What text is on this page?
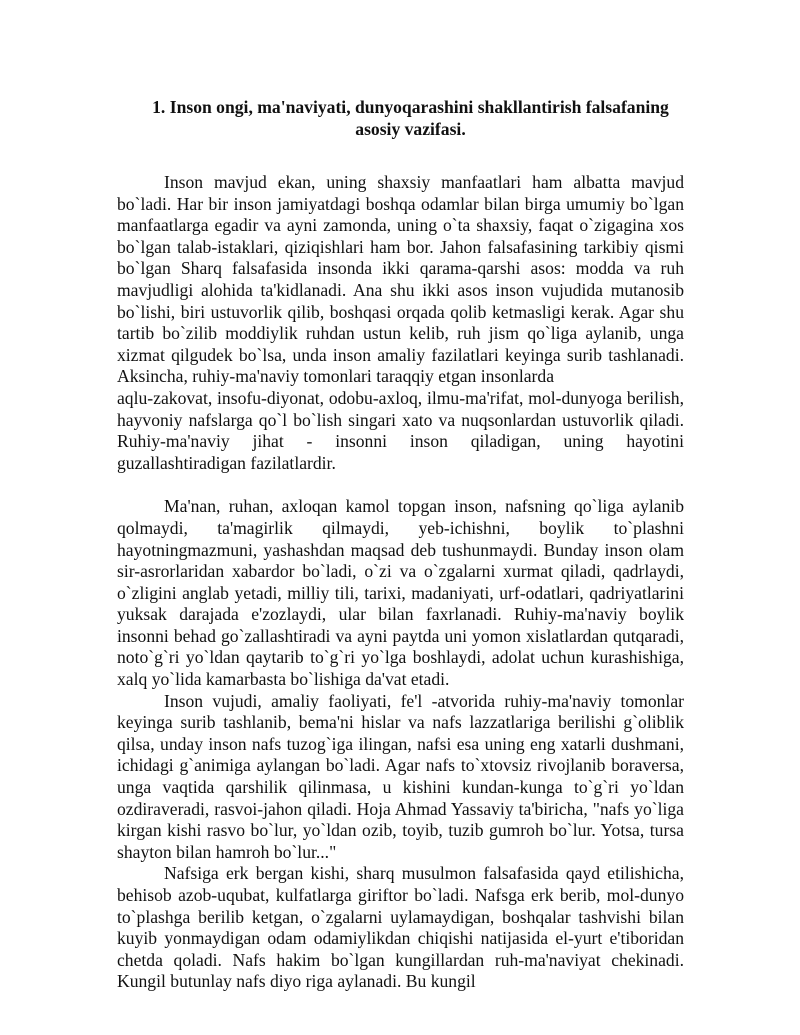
1. Inson ongi, ma'naviyati, dunyoqarashini shakllantirish falsafaning asosiy vazifasi.

Inson mavjud ekan, uning shaxsiy manfaatlari ham albatta mavjud bo`ladi. Har bir inson jamiyatdagi boshqa odamlar bilan birga umumiy bo`lgan manfaatlarga egadir va ayni zamonda, uning o`ta shaxsiy, faqat o`zigagina xos bo`lgan talab-istaklari, qiziqishlari ham bor. Jahon falsafasining tarkibiy qismi bo`lgan Sharq falsafasida insonda ikki qarama-qarshi asos: modda va ruh mavjudligi alohida ta'kidlanadi. Ana shu ikki asos inson vujudida mutanosib bo`lishi, biri ustuvorlik qilib, boshqasi orqada qolib ketmasligi kerak. Agar shu tartib bo`zilib moddiylik ruhdan ustun kelib, ruh jism qo`liga aylanib, unga xizmat qilgudek bo`lsa, unda inson amaliy fazilatlari keyinga surib tashlanadi. Aksincha, ruhiy-ma'naviy tomonlari taraqqiy etgan insonlarda

aqlu-zakovat, insofu-diyonat, odobu-axloq, ilmu-ma'rifat, mol-dunyoga berilish, hayvoniy nafslarga qo`l bo`lish singari xato va nuqsonlardan ustuvorlik qiladi. Ruhiy-ma'naviy jihat - insonni inson qiladigan, uning hayotini guzallashtiradigan fazilatlardir.

Ma'nan, ruhan, axloqan kamol topgan inson, nafsning qo`liga aylanib qolmaydi, ta'magirlik qilmaydi, yeb-ichishni, boylik to`plashni hayotningmazmuni, yashashdan maqsad deb tushunmaydi. Bunday inson olam sir-asrorlaridan xabardor bo`ladi, o`zi va o`zgalarni xurmat qiladi, qadrlaydi, o`zligini anglab yetadi, milliy tili, tarixi, madaniyati, urf-odatlari, qadriyatlarini yuksak darajada e'zozlaydi, ular bilan faxrlanadi. Ruhiy-ma'naviy boylik insonni behad go`zallashtiradi va ayni paytda uni yomon xislatlardan qutqaradi, noto`g`ri yo`ldan qaytarib to`g`ri yo`lga boshlaydi, adolat uchun kurashishiga, xalq yo`lida kamarbasta bo`lishiga da'vat etadi.

Inson vujudi, amaliy faoliyati, fe'l -atvorida ruhiy-ma'naviy tomonlar keyinga surib tashlanib, bema'ni hislar va nafs lazzatlariga berilishi g`oliblik qilsa, unday inson nafs tuzog`iga ilingan, nafsi esa uning eng xatarli dushmani, ichidagi g`animiga aylangan bo`ladi. Agar nafs to`xtovsiz rivojlanib boraversa, unga vaqtida qarshilik qilinmasa, u kishini kundan-kunga to`g`ri yo`ldan ozdiraveradi, rasvoi-jahon qiladi. Hoja Ahmad Yassaviy ta'biricha, "nafs yo`liga kirgan kishi rasvo bo`lur, yo`ldan ozib, toyib, tuzib gumroh bo`lur. Yotsa, tursa shayton bilan hamroh bo`lur..."

Nafsiga erk bergan kishi, sharq musulmon falsafasida qayd etilishicha, behisob azob-uqubat, kulfatlarga giriftor bo`ladi. Nafsga erk berib, mol-dunyo to`plashga berilib ketgan, o`zgalarni uylamaydigan, boshqalar tashvishi bilan kuyib yonmaydigan odam odamiylikdan chiqishi natijasida el-yurt e'tiboridan chetda qoladi. Nafs hakim bo`lgan kungillardan ruh-ma'naviyat chekinadi. Kungil butunlay nafs diyo riga aylanadi. Bu kungil
